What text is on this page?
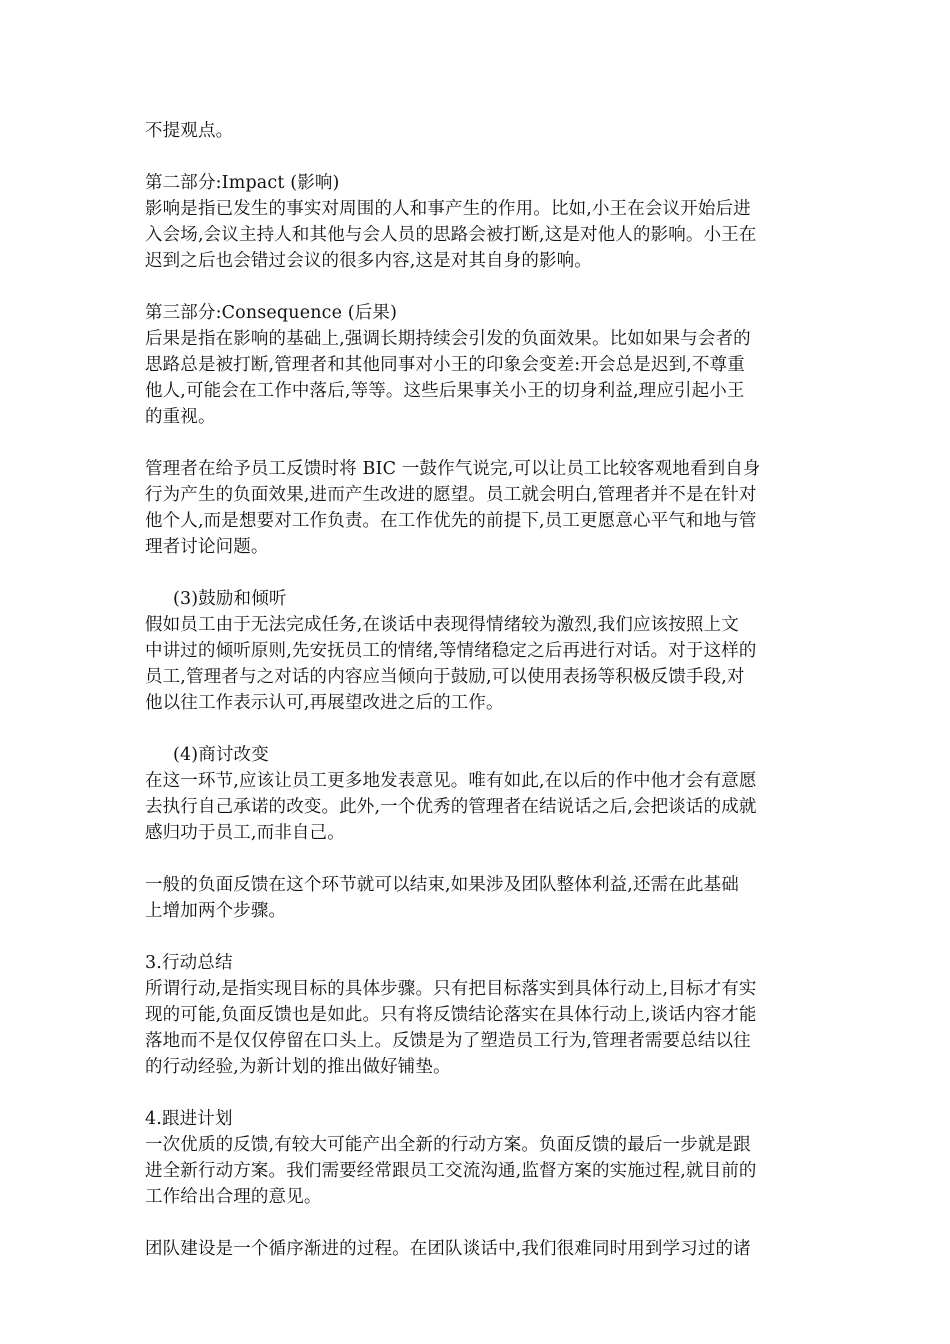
不提观点。
第二部分:Impact (影响)
影响是指已发生的事实对周围的人和事产生的作用。比如,小王在会议开始后进
入会场,会议主持人和其他与会人员的思路会被打断,这是对他人的影响。小王在
迟到之后也会错过会议的很多内容,这是对其自身的影响。
第三部分:Consequence (后果)
后果是指在影响的基础上,强调长期持续会引发的负面效果。比如如果与会者的
思路总是被打断,管理者和其他同事对小王的印象会变差:开会总是迟到,不尊重
他人,可能会在工作中落后,等等。这些后果事关小王的切身利益,理应引起小王
的重视。
管理者在给予员工反馈时将 BIC 一鼓作气说完,可以让员工比较客观地看到自身
行为产生的负面效果,进而产生改进的愿望。员工就会明白,管理者并不是在针对
他个人,而是想要对工作负责。在工作优先的前提下,员工更愿意心平气和地与管
理者讨论问题。
(3)鼓励和倾听
假如员工由于无法完成任务,在谈话中表现得情绪较为激烈,我们应该按照上文
中讲过的倾听原则,先安抚员工的情绪,等情绪稳定之后再进行对话。对于这样的
员工,管理者与之对话的内容应当倾向于鼓励,可以使用表扬等积极反馈手段,对
他以往工作表示认可,再展望改进之后的工作。
(4)商讨改变
在这一环节,应该让员工更多地发表意见。唯有如此,在以后的作中他才会有意愿
去执行自己承诺的改变。此外,一个优秀的管理者在结说话之后,会把谈话的成就
感归功于员工,而非自己。
一般的负面反馈在这个环节就可以结束,如果涉及团队整体利益,还需在此基础
上增加两个步骤。
3.行动总结
所谓行动,是指实现目标的具体步骤。只有把目标落实到具体行动上,目标才有实
现的可能,负面反馈也是如此。只有将反馈结论落实在具体行动上,谈话内容才能
落地而不是仅仅停留在口头上。反馈是为了塑造员工行为,管理者需要总结以往
的行动经验,为新计划的推出做好铺垫。
4.跟进计划
一次优质的反馈,有较大可能产出全新的行动方案。负面反馈的最后一步就是跟
进全新行动方案。我们需要经常跟员工交流沟通,监督方案的实施过程,就目前的
工作给出合理的意见。
团队建设是一个循序渐进的过程。在团队谈话中,我们很难同时用到学习过的诸
